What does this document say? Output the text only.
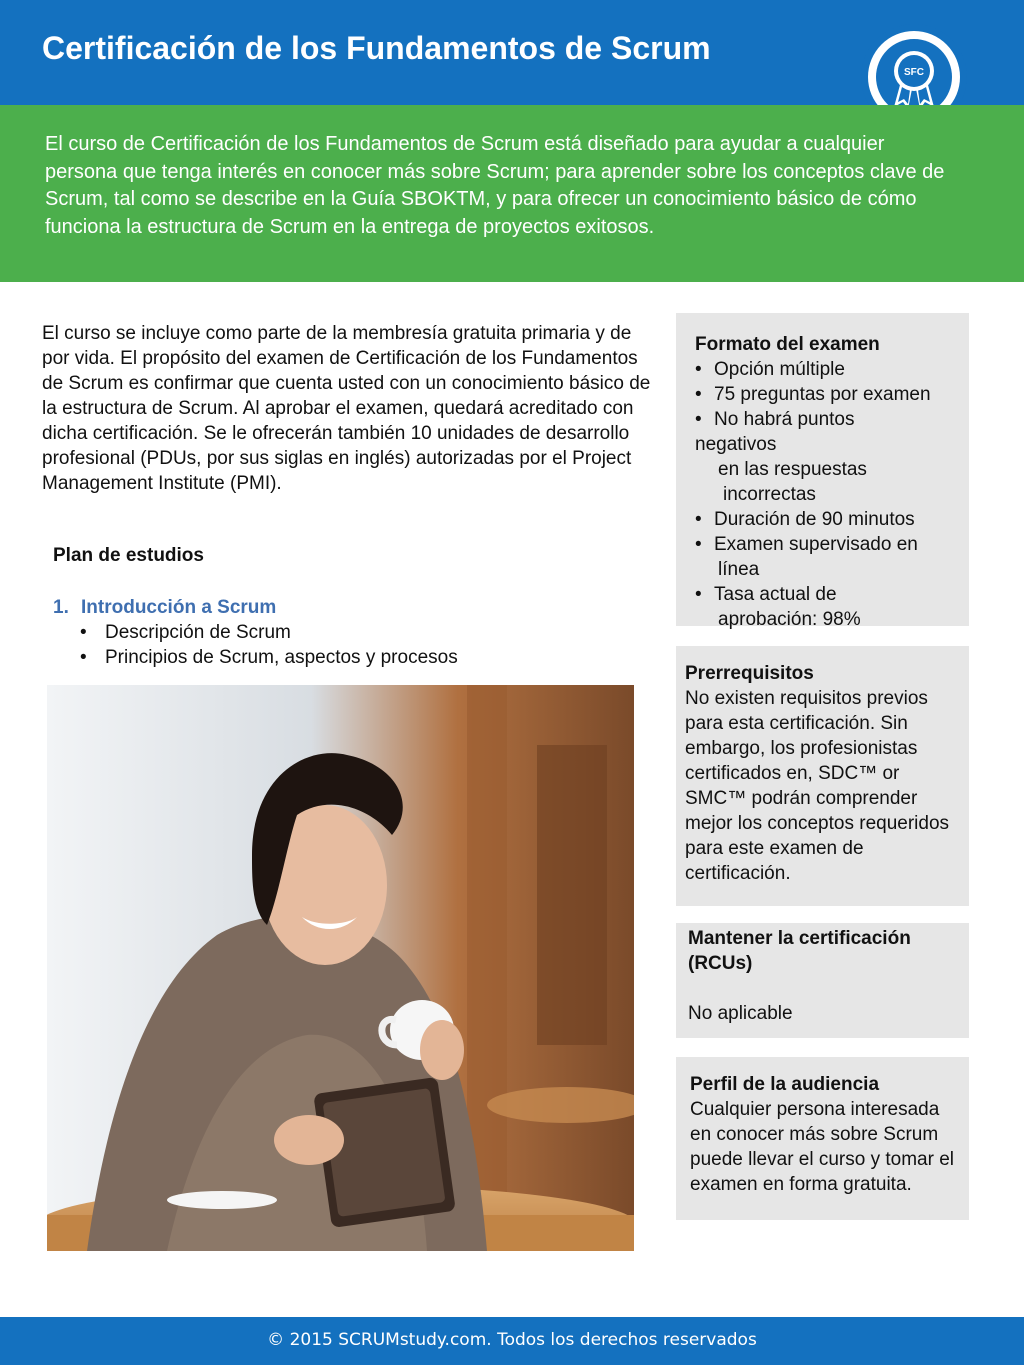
Certificación de los Fundamentos de Scrum
SFC

El curso de Certificación de los Fundamentos de Scrum está diseñado para ayudar a cualquier persona que tenga interés en conocer más sobre Scrum; para aprender sobre los conceptos clave de Scrum, tal como se describe en la Guía SBOKTM, y para ofrecer un conocimiento básico de cómo funciona la estructura de Scrum en la entrega de proyectos exitosos.

El curso se incluye como parte de la membresía gratuita primaria y de por vida. El propósito del examen de Certificación de los Fundamentos de Scrum es confirmar que cuenta usted con un conocimiento básico de la estructura de Scrum. Al aprobar el examen, quedará acreditado con dicha certificación. Se le ofrecerán también 10 unidades de desarrollo profesional (PDUs, por sus siglas en inglés) autorizadas por el Project Management Institute (PMI).

Plan de estudios

1. Introducción a Scrum
• Descripción de Scrum
• Principios de Scrum, aspectos y procesos
Formato del examen
• Opción múltiple
• 75 preguntas por examen
• No habrá puntos
negativos
en las respuestas
incorrectas
• Duración de 90 minutos
• Examen supervisado en
línea
• Tasa actual de
aprobación: 98%
Prerrequisitos
No existen requisitos previos para esta certificación. Sin embargo, los profesionistas certificados en, SDC™ or SMC™ podrán comprender mejor los conceptos requeridos para este examen de certificación.
Mantener la certificación (RCUs)
No aplicable
Perfil de la audiencia
Cualquier persona interesada en conocer más sobre Scrum puede llevar el curso y tomar el examen en forma gratuita.
© 2015 SCRUMstudy.com. Todos los derechos reservados
